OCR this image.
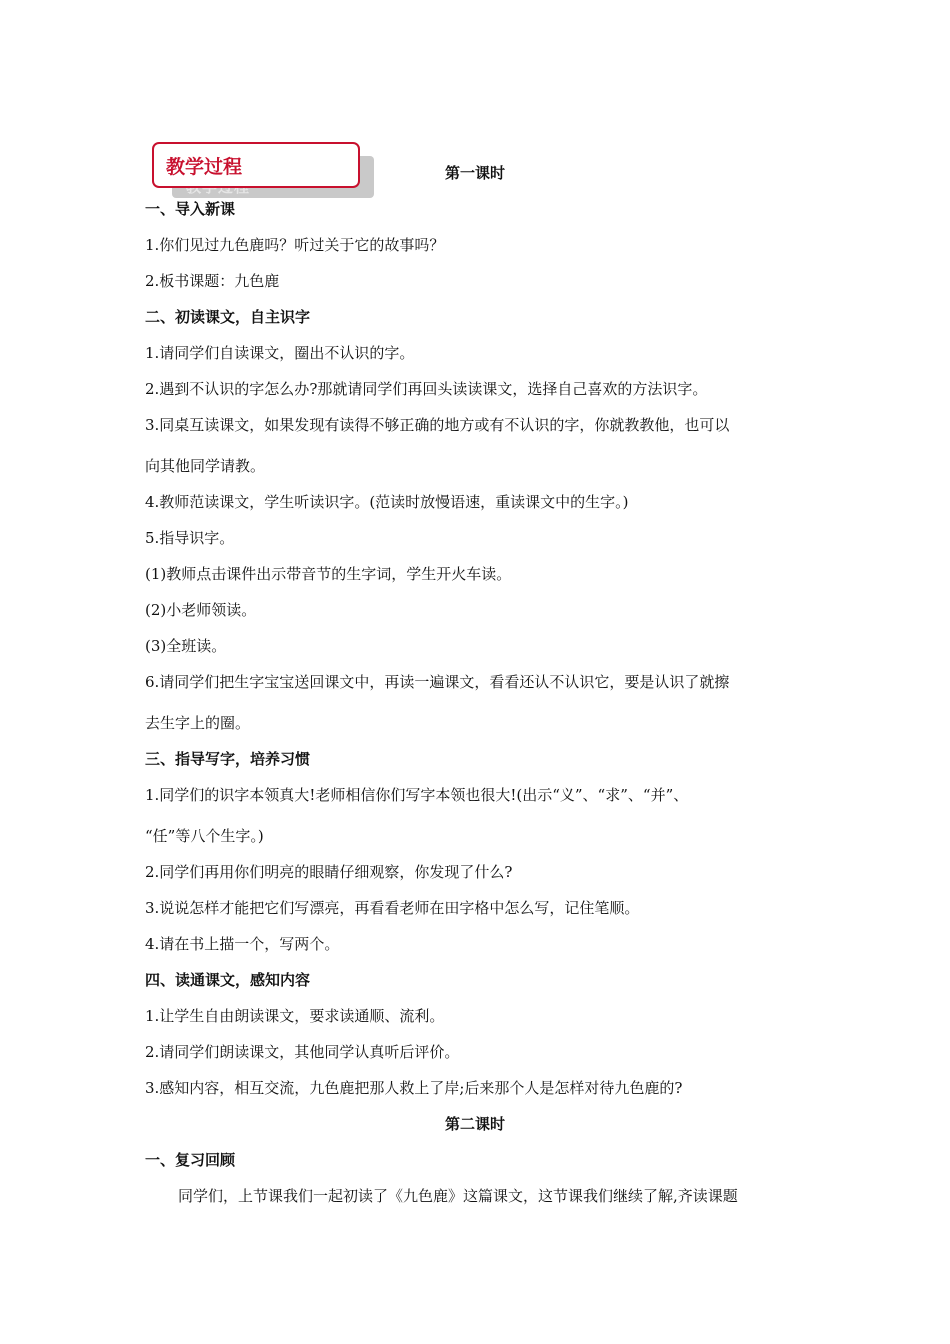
教学过程	第一课时
一、导入新课
1.你们见过九色鹿吗？听过关于它的故事吗？
2.板书课题：九色鹿
二、初读课文，自主识字
1.请同学们自读课文，圈出不认识的字。
2.遇到不认识的字怎么办?那就请同学们再回头读读课文，选择自己喜欢的方法识字。
3.同桌互读课文，如果发现有读得不够正确的地方或有不认识的字，你就教教他，也可以
向其他同学请教。
4.教师范读课文，学生听读识字。(范读时放慢语速，重读课文中的生字。)
5.指导识字。
(1)教师点击课件出示带音节的生字词，学生开火车读。
(2)小老师领读。
(3)全班读。
6.请同学们把生字宝宝送回课文中，再读一遍课文，看看还认不认识它，要是认识了就擦
去生字上的圈。
三、指导写字，培养习惯
1.同学们的识字本领真大!老师相信你们写字本领也很大!(出示“义”、“求”、“并”、
“任”等八个生字。)
2.同学们再用你们明亮的眼睛仔细观察，你发现了什么?
3.说说怎样才能把它们写漂亮，再看看老师在田字格中怎么写，记住笔顺。
4.请在书上描一个，写两个。
四、读通课文，感知内容
1.让学生自由朗读课文，要求读通顺、流利。
2.请同学们朗读课文，其他同学认真听后评价。
3.感知内容，相互交流，九色鹿把那人救上了岸;后来那个人是怎样对待九色鹿的?
第二课时
一、复习回顾
同学们，上节课我们一起初读了《九色鹿》这篇课文，这节课我们继续了解,齐读课题
